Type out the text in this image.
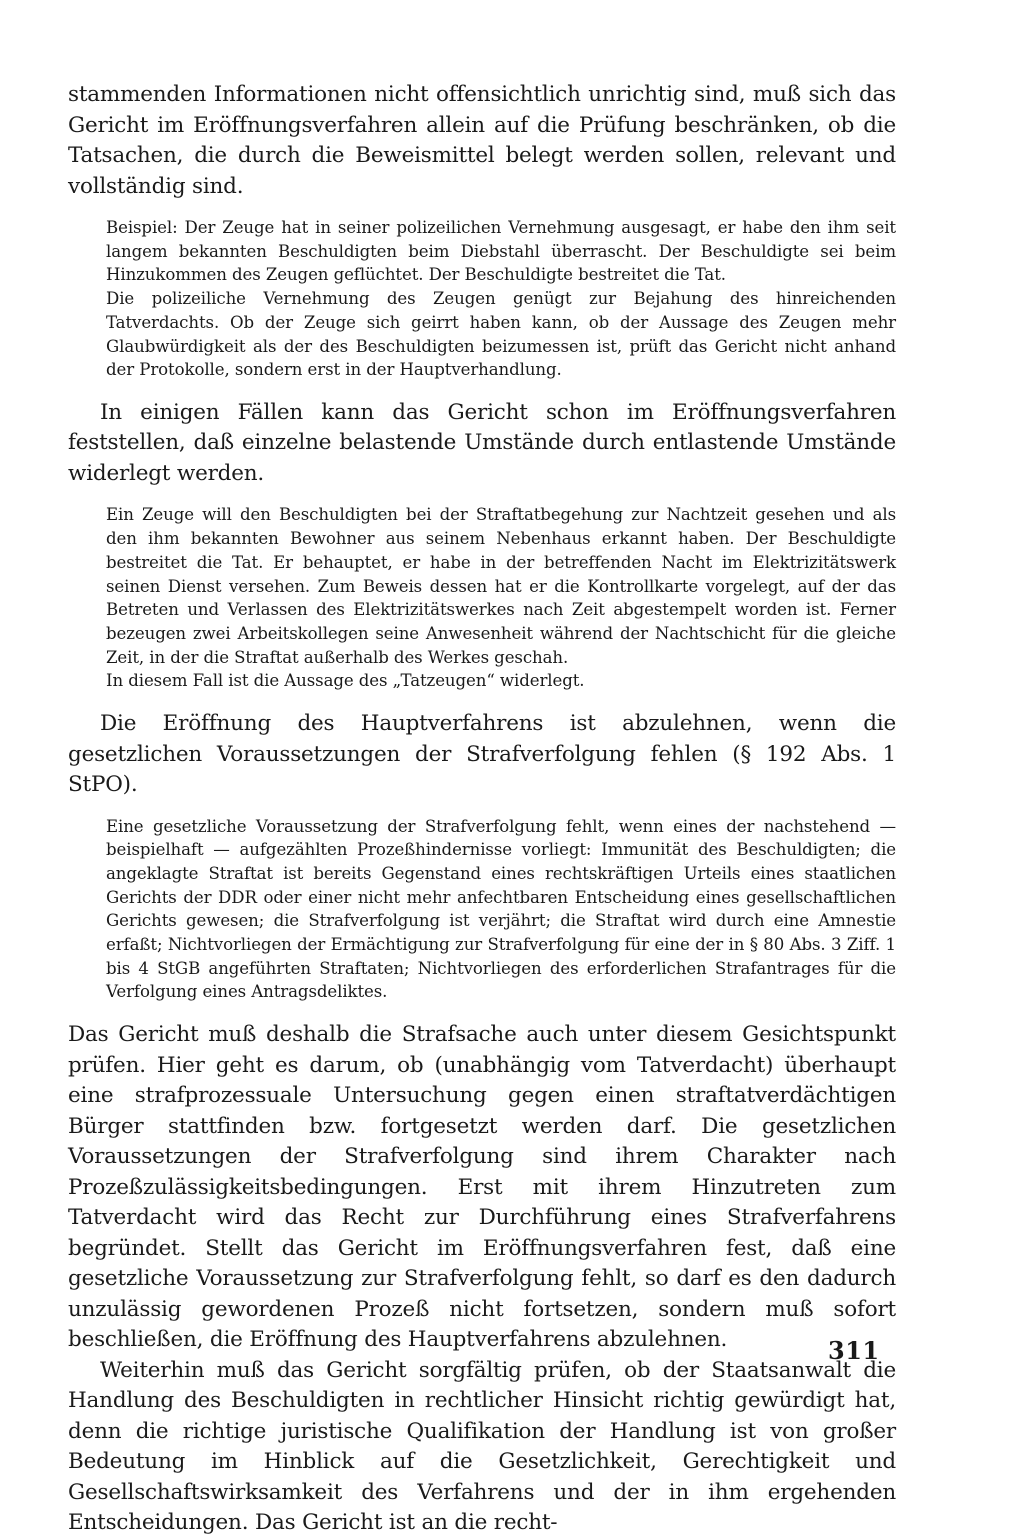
stammenden Informationen nicht offensichtlich unrichtig sind, muß sich das Gericht im Eröffnungsverfahren allein auf die Prüfung beschränken, ob die Tatsachen, die durch die Beweismittel belegt werden sollen, relevant und vollständig sind.

Beispiel: Der Zeuge hat in seiner polizeilichen Vernehmung ausgesagt, er habe den ihm seit langem bekannten Beschuldigten beim Diebstahl überrascht. Der Beschuldigte sei beim Hinzukommen des Zeugen geflüchtet. Der Beschuldigte bestreitet die Tat.

Die polizeiliche Vernehmung des Zeugen genügt zur Bejahung des hinreichenden Tatverdachts. Ob der Zeuge sich geirrt haben kann, ob der Aussage des Zeugen mehr Glaubwürdigkeit als der des Beschuldigten beizumessen ist, prüft das Gericht nicht anhand der Protokolle, sondern erst in der Hauptverhandlung.

In einigen Fällen kann das Gericht schon im Eröffnungsverfahren feststellen, daß einzelne belastende Umstände durch entlastende Umstände widerlegt werden.

Ein Zeuge will den Beschuldigten bei der Straftatbegehung zur Nachtzeit gesehen und als den ihm bekannten Bewohner aus seinem Nebenhaus erkannt haben. Der Beschuldigte bestreitet die Tat. Er behauptet, er habe in der betreffenden Nacht im Elektrizitätswerk seinen Dienst versehen. Zum Beweis dessen hat er die Kontrollkarte vorgelegt, auf der das Betreten und Verlassen des Elektrizitätswerkes nach Zeit abgestempelt worden ist. Ferner bezeugen zwei Arbeitskollegen seine Anwesenheit während der Nachtschicht für die gleiche Zeit, in der die Straftat außerhalb des Werkes geschah.

In diesem Fall ist die Aussage des „Tatzeugen“ widerlegt.

Die Eröffnung des Hauptverfahrens ist abzulehnen, wenn die gesetzlichen Voraussetzungen der Strafverfolgung fehlen (§ 192 Abs. 1 StPO).

Eine gesetzliche Voraussetzung der Strafverfolgung fehlt, wenn eines der nachstehend — beispielhaft — aufgezählten Prozeßhindernisse vorliegt: Immunität des Beschuldigten; die angeklagte Straftat ist bereits Gegenstand eines rechtskräftigen Urteils eines staatlichen Gerichts der DDR oder einer nicht mehr anfechtbaren Entscheidung eines gesellschaftlichen Gerichts gewesen; die Strafverfolgung ist verjährt; die Straftat wird durch eine Amnestie erfaßt; Nichtvorliegen der Ermächtigung zur Strafverfolgung für eine der in § 80 Abs. 3 Ziff. 1 bis 4 StGB angeführten Straftaten; Nichtvorliegen des erforderlichen Strafantrages für die Verfolgung eines Antragsdeliktes.

Das Gericht muß deshalb die Strafsache auch unter diesem Gesichtspunkt prüfen. Hier geht es darum, ob (unabhängig vom Tatverdacht) überhaupt eine strafprozessuale Untersuchung gegen einen straftatverdächtigen Bürger stattfinden bzw. fortgesetzt werden darf. Die gesetzlichen Voraussetzungen der Strafverfolgung sind ihrem Charakter nach Prozeßzulässigkeitsbedingungen. Erst mit ihrem Hinzutreten zum Tatverdacht wird das Recht zur Durchführung eines Strafverfahrens begründet. Stellt das Gericht im Eröffnungsverfahren fest, daß eine gesetzliche Voraussetzung zur Strafverfolgung fehlt, so darf es den dadurch unzulässig gewordenen Prozeß nicht fortsetzen, sondern muß sofort beschließen, die Eröffnung des Hauptverfahrens abzulehnen.

Weiterhin muß das Gericht sorgfältig prüfen, ob der Staatsanwalt die Handlung des Beschuldigten in rechtlicher Hinsicht richtig gewürdigt hat, denn die richtige juristische Qualifikation der Handlung ist von großer Bedeutung im Hinblick auf die Gesetzlichkeit, Gerechtigkeit und Gesellschaftswirksamkeit des Verfahrens und der in ihm ergehenden Entscheidungen. Das Gericht ist an die recht-

311
